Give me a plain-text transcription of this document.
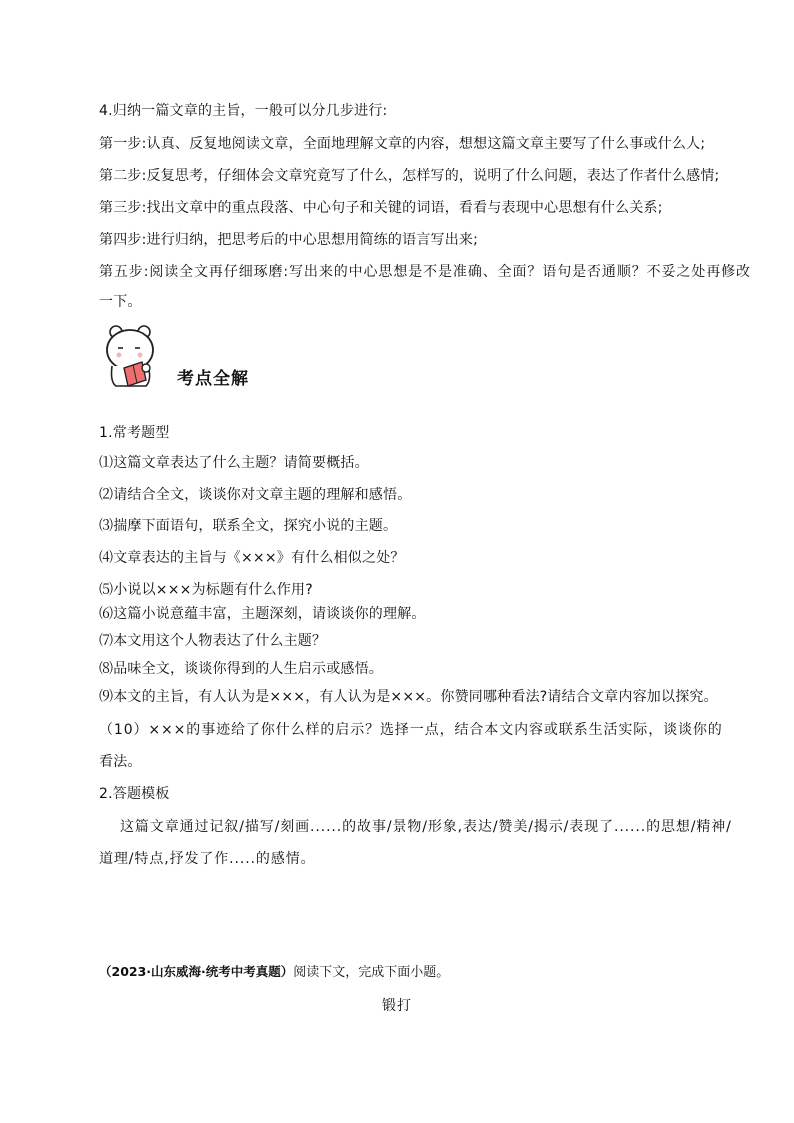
4.归纳一篇文章的主旨，一般可以分几步进行:
第一步:认真、反复地阅读文章，全面地理解文章的内容，想想这篇文章主要写了什么事或什么人;
第二步:反复思考，仔细体会文章究竟写了什么，怎样写的，说明了什么问题，表达了作者什么感情;
第三步:找出文章中的重点段落、中心句子和关键的词语，看看与表现中心思想有什么关系;
第四步:进行归纳，把思考后的中心思想用简练的语言写出来;
第五步:阅读全文再仔细琢磨:写出来的中心思想是不是准确、全面？语句是否通顺？不妥之处再修改
一下。
考点全解
1.常考题型
⑴这篇文章表达了什么主题？请简要概括。
⑵请结合全文，谈谈你对文章主题的理解和感悟。
⑶揣摩下面语句，联系全文，探究小说的主题。
⑷文章表达的主旨与《×××》有什么相似之处？
⑸小说以×××为标题有什么作用?
⑹这篇小说意蕴丰富，主题深刻，请谈谈你的理解。
⑺本文用这个人物表达了什么主题？
⑻品味全文，谈谈你得到的人生启示或感悟。
⑼本文的主旨，有人认为是×××，有人认为是×××。你赞同哪种看法?请结合文章内容加以探究。
（10）×××的事迹给了你什么样的启示？选择一点，结合本文内容或联系生活实际，谈谈你的
看法。
2.答题模板
这篇文章通过记叙/描写/刻画......的故事/景物/形象,表达/赞美/揭示/表现了......的思想/精神/
道理/特点,抒发了作.....的感情。
（2023·山东威海·统考中考真题）阅读下文，完成下面小题。
锻打
